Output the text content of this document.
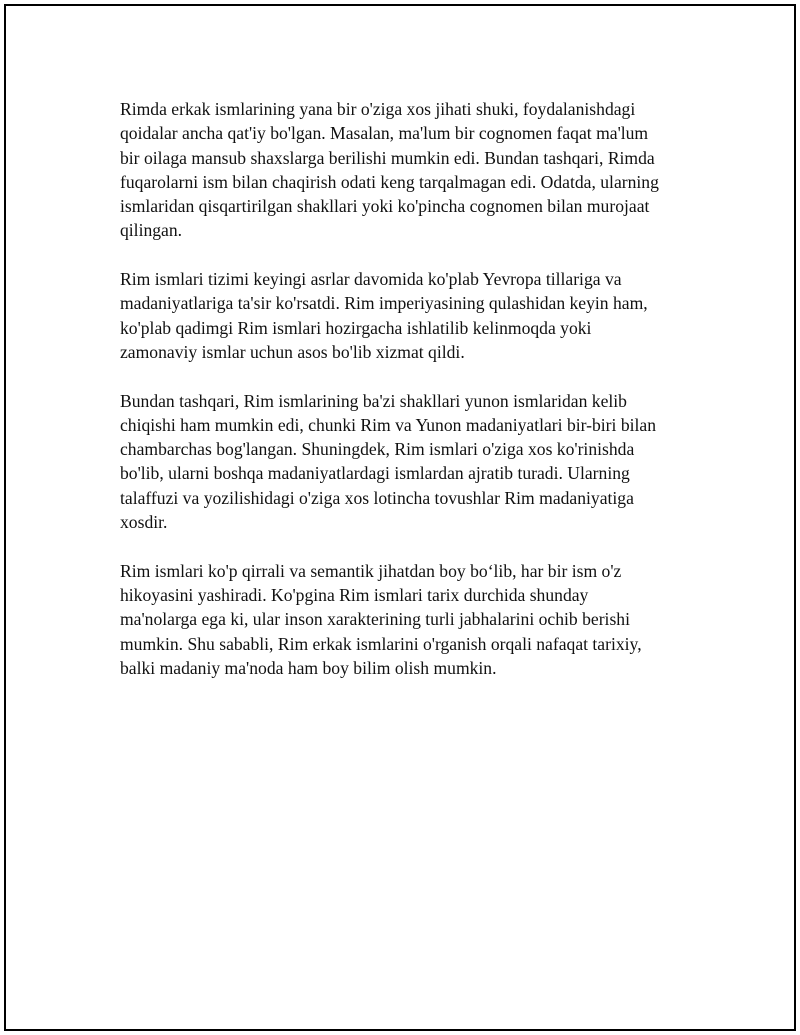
Rimda erkak ismlarining yana bir o'ziga xos jihati shuki, foydalanishdagi
qoidalar ancha qat'iy bo'lgan. Masalan, ma'lum bir cognomen faqat ma'lum
bir oilaga mansub shaxslarga berilishi mumkin edi. Bundan tashqari, Rimda
fuqarolarni ism bilan chaqirish odati keng tarqalmagan edi. Odatda, ularning
ismlaridan qisqartirilgan shakllari yoki ko'pincha cognomen bilan murojaat
qilingan.

Rim ismlari tizimi keyingi asrlar davomida ko'plab Yevropa tillariga va
madaniyatlariga ta'sir ko'rsatdi. Rim imperiyasining qulashidan keyin ham,
ko'plab qadimgi Rim ismlari hozirgacha ishlatilib kelinmoqda yoki
zamonaviy ismlar uchun asos bo'lib xizmat qildi.

Bundan tashqari, Rim ismlarining ba'zi shakllari yunon ismlaridan kelib
chiqishi ham mumkin edi, chunki Rim va Yunon madaniyatlari bir-biri bilan
chambarchas bog'langan. Shuningdek, Rim ismlari o'ziga xos ko'rinishda
bo'lib, ularni boshqa madaniyatlardagi ismlardan ajratib turadi. Ularning
talaffuzi va yozilishidagi o'ziga xos lotincha tovushlar Rim madaniyatiga
xosdir.

Rim ismlari ko'p qirrali va semantik jihatdan boy bo‘lib, har bir ism o'z
hikoyasini yashiradi. Ko'pgina Rim ismlari tarix durchida shunday
ma'nolarga ega ki, ular inson xarakterining turli jabhalarini ochib berishi
mumkin. Shu sababli, Rim erkak ismlarini o'rganish orqali nafaqat tarixiy,
balki madaniy ma'noda ham boy bilim olish mumkin.
